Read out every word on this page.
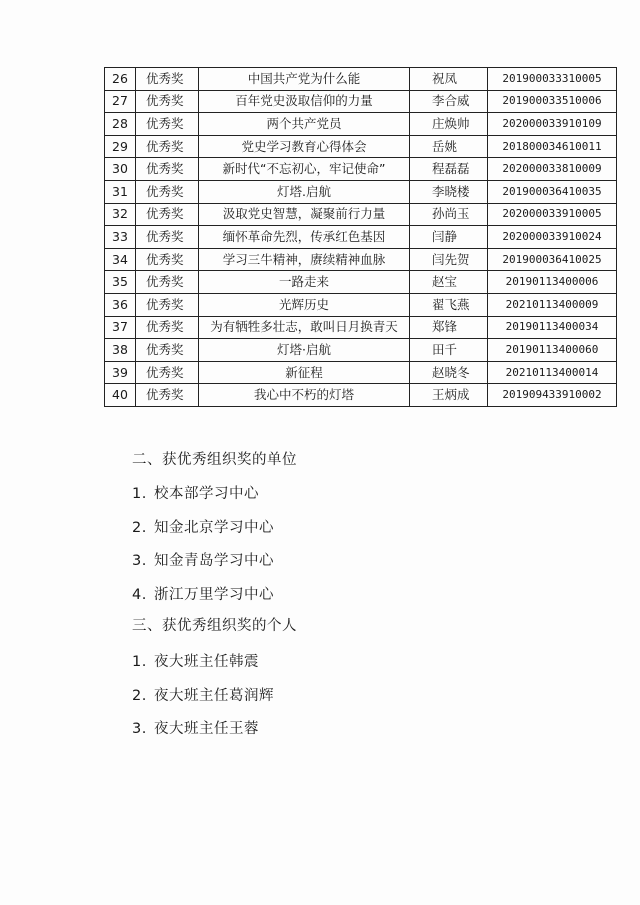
26	优秀奖	中国共产党为什么能	祝凤	201900033310005
27	优秀奖	百年党史汲取信仰的力量	李合威	201900033510006
28	优秀奖	两个共产党员	庄焕帅	202000033910109
29	优秀奖	党史学习教育心得体会	岳姚	201800034610011
30	优秀奖	新时代“不忘初心，牢记使命”	程磊磊	202000033810009
31	优秀奖	灯塔.启航	李晓楼	201900036410035
32	优秀奖	汲取党史智慧，凝聚前行力量	孙尚玉	202000033910005
33	优秀奖	缅怀革命先烈，传承红色基因	闫静	202000033910024
34	优秀奖	学习三牛精神，赓续精神血脉	闫先贺	201900036410025
35	优秀奖	一路走来	赵宝	20190113400006
36	优秀奖	光辉历史	翟飞燕	20210113400009
37	优秀奖	为有牺牲多壮志，敢叫日月换青天	郑锋	20190113400034
38	优秀奖	灯塔·启航	田千	20190113400060
39	优秀奖	新征程	赵晓冬	20210113400014
40	优秀奖	我心中不朽的灯塔	王炳成	201909433910002
二、获优秀组织奖的单位
1. 校本部学习中心
2. 知金北京学习中心
3. 知金青岛学习中心
4. 浙江万里学习中心
三、获优秀组织奖的个人
1. 夜大班主任韩震
2. 夜大班主任葛润辉
3. 夜大班主任王蓉
